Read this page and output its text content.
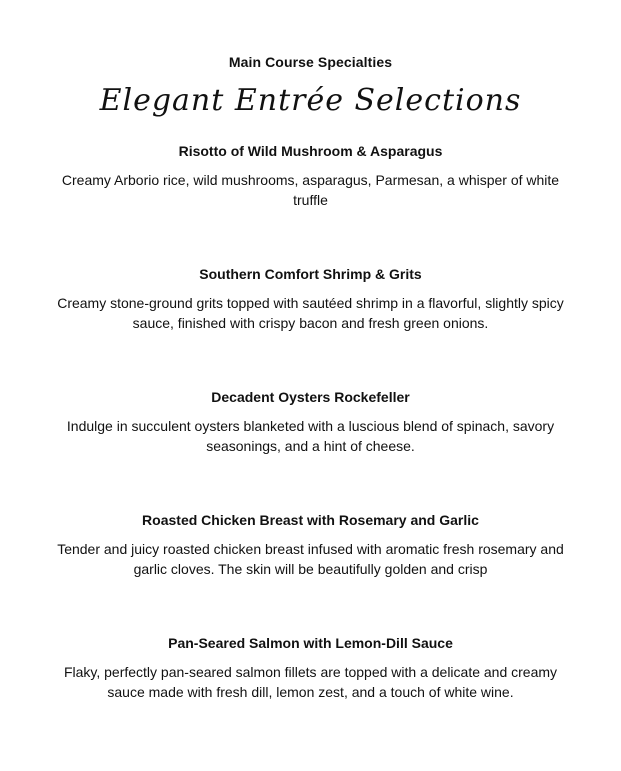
Main Course Specialties
Elegant Entrée Selections
Risotto of Wild Mushroom & Asparagus

Creamy Arborio rice, wild mushrooms, asparagus, Parmesan, a whisper of white truffle

Southern Comfort Shrimp & Grits

Creamy stone-ground grits topped with sautéed shrimp in a flavorful, slightly spicy sauce, finished with crispy bacon and fresh green onions.

Decadent Oysters Rockefeller

Indulge in succulent oysters blanketed with a luscious blend of spinach, savory seasonings, and a hint of cheese.

Roasted Chicken Breast with Rosemary and Garlic

Tender and juicy roasted chicken breast infused with aromatic fresh rosemary and garlic cloves. The skin will be beautifully golden and crisp

Pan-Seared Salmon with Lemon-Dill Sauce

Flaky, perfectly pan-seared salmon fillets are topped with a delicate and creamy sauce made with fresh dill, lemon zest, and a touch of white wine.
